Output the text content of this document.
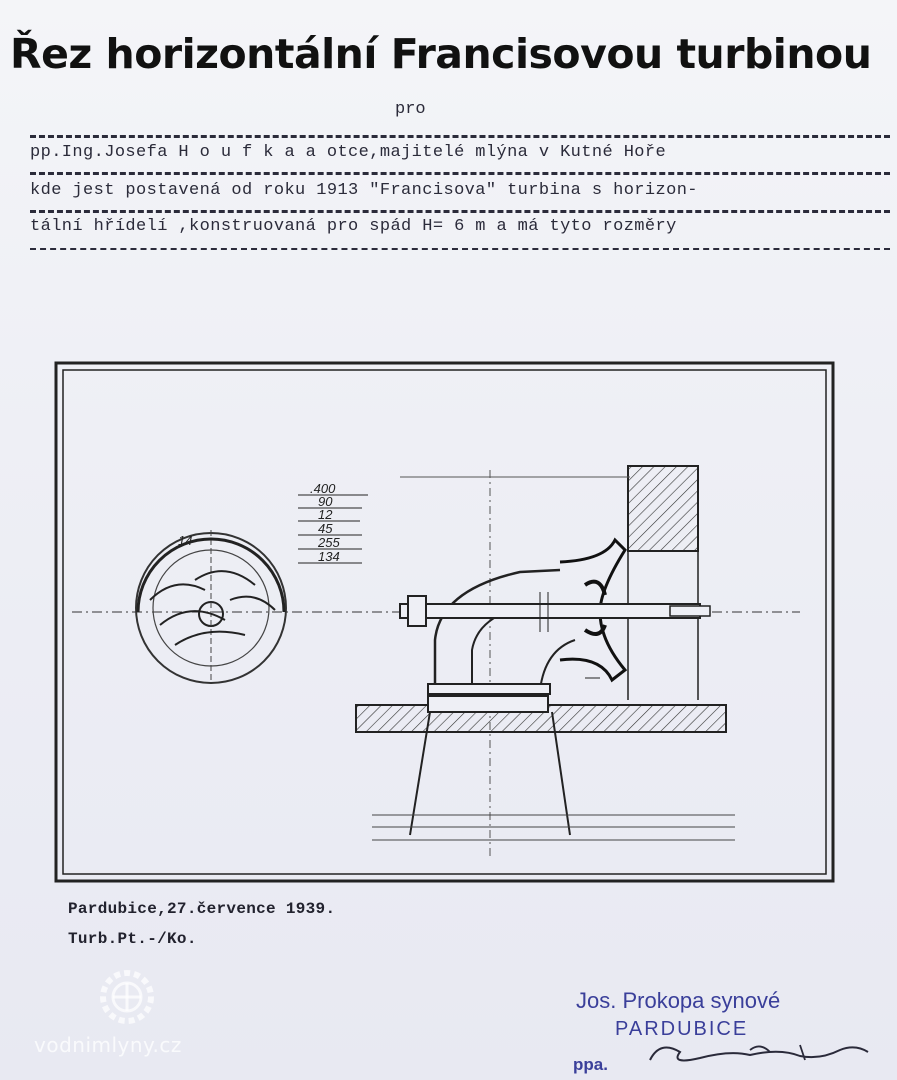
Řez horizontální Francisovou turbinou
pro
pp.Ing.Josefa H o u f k a a otce,majitelé mlýna v Kutné Hoře
kde jest postavená od roku 1913 "Francisova" turbina s horizon-
tální hřídelí ,konstruovaná pro spád H= 6 m a má tyto rozměry
.400
90
12
45
255
134
14
Pardubice,27.července 1939.
Turb.Pt.-/Ko.
vodnimlyny.cz
Jos. Prokopa synové
PARDUBICE
ppa.
